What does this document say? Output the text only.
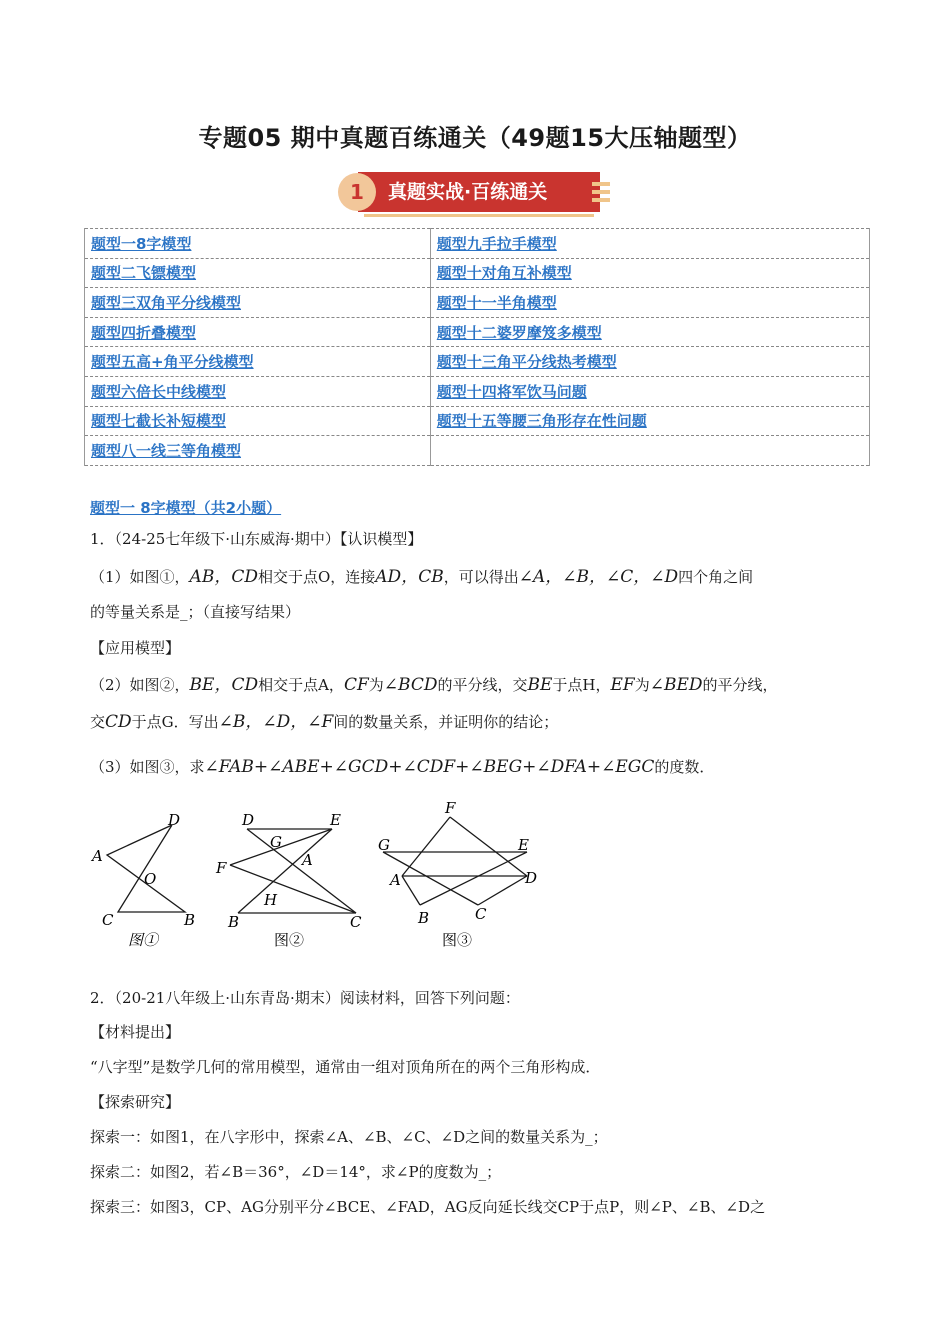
专题05 期中真题百练通关（49题15大压轴题型）
1	真题实战·百练通关
题型一8字模型	题型九手拉手模型
题型二飞镖模型	题型十对角互补模型
题型三双角平分线模型	题型十一半角模型
题型四折叠模型	题型十二婆罗摩笈多模型
题型五高+角平分线模型	题型十三角平分线热考模型
题型六倍长中线模型	题型十四将军饮马问题
题型七截长补短模型	题型十五等腰三角形存在性问题
题型八一线三等角模型	
题型一 8字模型（共2小题）
1．（24-25七年级下·山东威海·期中）【认识模型】
（1）如图①，AB，CD相交于点O，连接AD，CB，可以得出∠A，∠B，∠C，∠D四个角之间
的等量关系是_；（直接写结果）
【应用模型】
（2）如图②，BE，CD相交于点A，CF为∠BCD的平分线，交BE于点H，EF为∠BED的平分线，
交CD于点G．写出∠B，∠D，∠F间的数量关系，并证明你的结论；
（3）如图③，求∠FAB+∠ABE+∠GCD+∠CDF+∠BEG+∠DFA+∠EGC的度数．
D
A
O
C	B
图①
D	E
G
A
F
H
B	C
图②
F
G	E
A	D
B	C
图③
2．（20-21八年级上·山东青岛·期末）阅读材料，回答下列问题：
【材料提出】
“八字型”是数学几何的常用模型，通常由一组对顶角所在的两个三角形构成．
【探索研究】
探索一：如图1，在八字形中，探索∠A、∠B、∠C、∠D之间的数量关系为_；
探索二：如图2，若∠B＝36°，∠D＝14°，求∠P的度数为_；
探索三：如图3，CP、AG分别平分∠BCE、∠FAD，AG反向延长线交CP于点P，则∠P、∠B、∠D之
